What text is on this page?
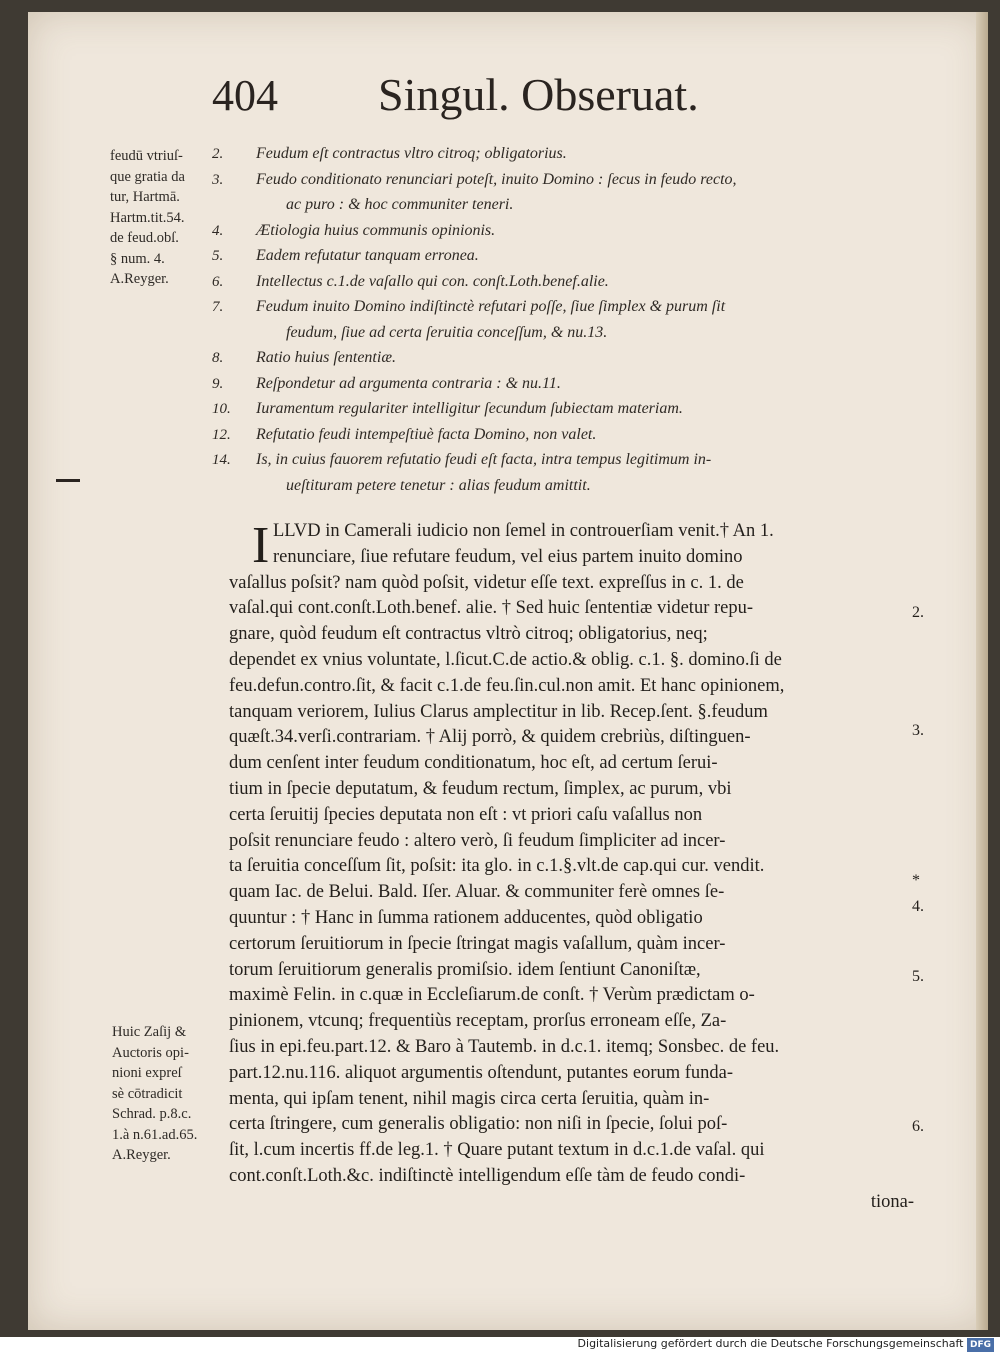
404 Singul. Obseruat.
feudū vtriuſ-
que gratia da
tur, Hartmā.
Hartm.tit.54.
de feud.obſ.
§ num. 4.
A.Reyger.
2.	Feudum eſt contractus vltro citroq; obligatorius.
3.	Feudo conditionato renunciari poteſt, inuito Domino : ſecus in feudo recto,
ac puro : & hoc communiter teneri.
4.	Ætiologia huius communis opinionis.
5.	Eadem refutatur tanquam erronea.
6.	Intellectus c.1.de vaſallo qui con. conſt.Loth.benef.alie.
7.	Feudum inuito Domino indiſtinctè refutari poſſe, ſiue ſimplex & purum ſit
feudum, ſiue ad certa ſeruitia conceſſum, & nu.13.
8.	Ratio huius ſententiæ.
9.	Reſpondetur ad argumenta contraria : & nu.11.
10.	Iuramentum regulariter intelligitur ſecundum ſubiectam materiam.
12.	Refutatio feudi intempeſtiuè facta Domino, non valet.
14.	Is, in cuius fauorem refutatio feudi eſt facta, intra tempus legitimum in-
ueſtituram petere tenetur : alias feudum amittit.
I LLVD in Camerali iudicio non ſemel in controuerſiam venit.† An 1.
renunciare, ſiue refutare feudum, vel eius partem inuito domino
vaſallus poſsit? nam quòd poſsit, videtur eſſe text. expreſſus in c. 1. de
vaſal.qui cont.conſt.Loth.benef. alie. † Sed huic ſententiæ videtur repu-
gnare, quòd feudum eſt contractus vltrò citroq; obligatorius, neq;
dependet ex vnius voluntate, l.ſicut.C.de actio.& oblig. c.1. §. domino.ſi de
feu.defun.contro.ſit, & facit c.1.de feu.ſin.cul.non amit. Et hanc opinionem,
tanquam veriorem, Iulius Clarus amplectitur in lib. Recep.ſent. §.feudum
quæſt.34.verſi.contrariam. † Alij porrò, & quidem crebriùs, diſtinguen-
dum cenſent inter feudum conditionatum, hoc eſt, ad certum ſerui-
tium in ſpecie deputatum, & feudum rectum, ſimplex, ac purum, vbi
certa ſeruitij ſpecies deputata non eſt : vt priori caſu vaſallus non
poſsit renunciare feudo : altero verò, ſi feudum ſimpliciter ad incer-
ta ſeruitia conceſſum ſit, poſsit: ita glo. in c.1.§.vlt.de cap.qui cur. vendit.
quam Iac. de Belui. Bald. Iſer. Aluar. & communiter ferè omnes ſe-
quuntur : † Hanc in ſumma rationem adducentes, quòd obligatio
certorum ſeruitiorum in ſpecie ſtringat magis vaſallum, quàm incer-
torum ſeruitiorum generalis promiſsio. idem ſentiunt Canoniſtæ,
maximè Felin. in c.quæ in Eccleſiarum.de conſt. † Verùm prædictam o-
pinionem, vtcunq; frequentiùs receptam, prorſus erroneam eſſe, Za-
ſius in epi.feu.part.12. & Baro à Tautemb. in d.c.1. itemq; Sonsbec. de feu.
part.12.nu.116. aliquot argumentis oſtendunt, putantes eorum funda-
menta, qui ipſam tenent, nihil magis circa certa ſeruitia, quàm in-
certa ſtringere, cum generalis obligatio: non niſi in ſpecie, ſolui poſ-
ſit, l.cum incertis ff.de leg.1. † Quare putant textum in d.c.1.de vaſal. qui
cont.conſt.Loth.&c. indiſtinctè intelligendum eſſe tàm de feudo condi-
tiona-
2.
3.
*
4.
5.
6.
Huic Zaſij &
Auctoris opi-
nioni expreſ
sè cōtradicit
Schrad. p.8.c.
1.à n.61.ad.65.
A.Reyger.
Digitalisierung gefördert durch die Deutsche Forschungsgemeinschaft DFG
